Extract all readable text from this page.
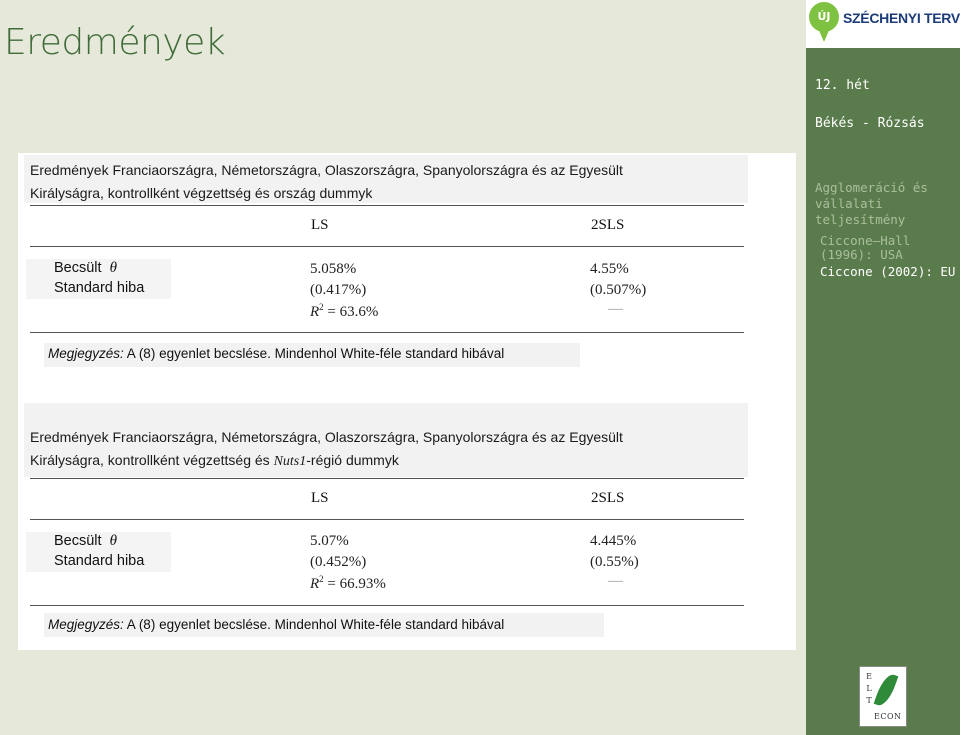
Eredmények
ÚJ SZÉCHENYI TERV
12. hét
Békés - Rózsás
Agglomeráció és vállalati teljesítmény
Ciccone–Hall (1996): USA
Ciccone (2002): EU
E L T
ECON
Eredmények Franciaországra, Németországra, Olaszországra, Spanyolországra és az Egyesült
Királyságra, kontrollként végzettség és ország dummyk
LS	2SLS
Becsült θ
Standard hiba
5.058%
(0.417%)
$R^2 = 63.6\%$
4.55%
(0.507%)
—
Megjegyzés: A (8) egyenlet becslése. Mindenhol White-féle standard hibával
Eredmények Franciaországra, Németországra, Olaszországra, Spanyolországra és az Egyesült
Királyságra, kontrollként végzettség és Nuts1-régió dummyk
LS	2SLS
Becsült θ
Standard hiba
5.07%
(0.452%)
$R^2 = 66.93\%$
4.445%
(0.55%)
—
Megjegyzés: A (8) egyenlet becslése. Mindenhol White-féle standard hibával
